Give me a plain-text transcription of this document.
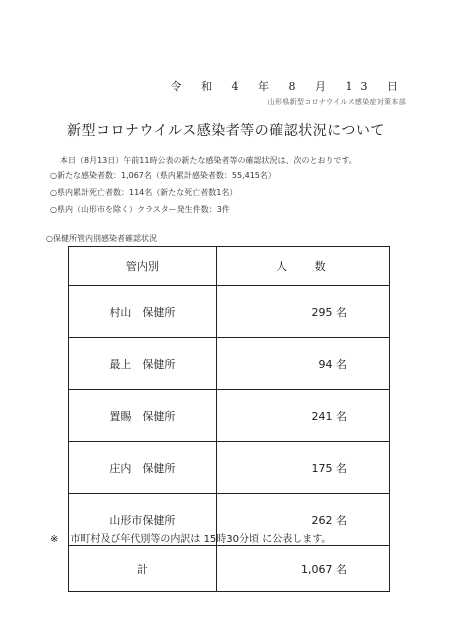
令 和 4 年 8 月 13 日
山形県新型コロナウイルス感染症対策本部
新型コロナウイルス感染者等の確認状況について
本日（8月13日）午前11時公表の新たな感染者等の確認状況は、次のとおりです。
○新たな感染者数：1,067名（県内累計感染者数：55,415名）
○県内累計死亡者数：114名（新たな死亡者数1名）
○県内（山形市を除く）クラスター発生件数：3件
○保健所管内別感染者確認状況
管内別	人 数
村山　保健所	295 名
最上　保健所	94 名
置賜　保健所	241 名
庄内　保健所	175 名
山形市保健所	262 名
計	1,067 名
※ 市町村及び年代別等の内訳は 15時30分頃 に公表します。
